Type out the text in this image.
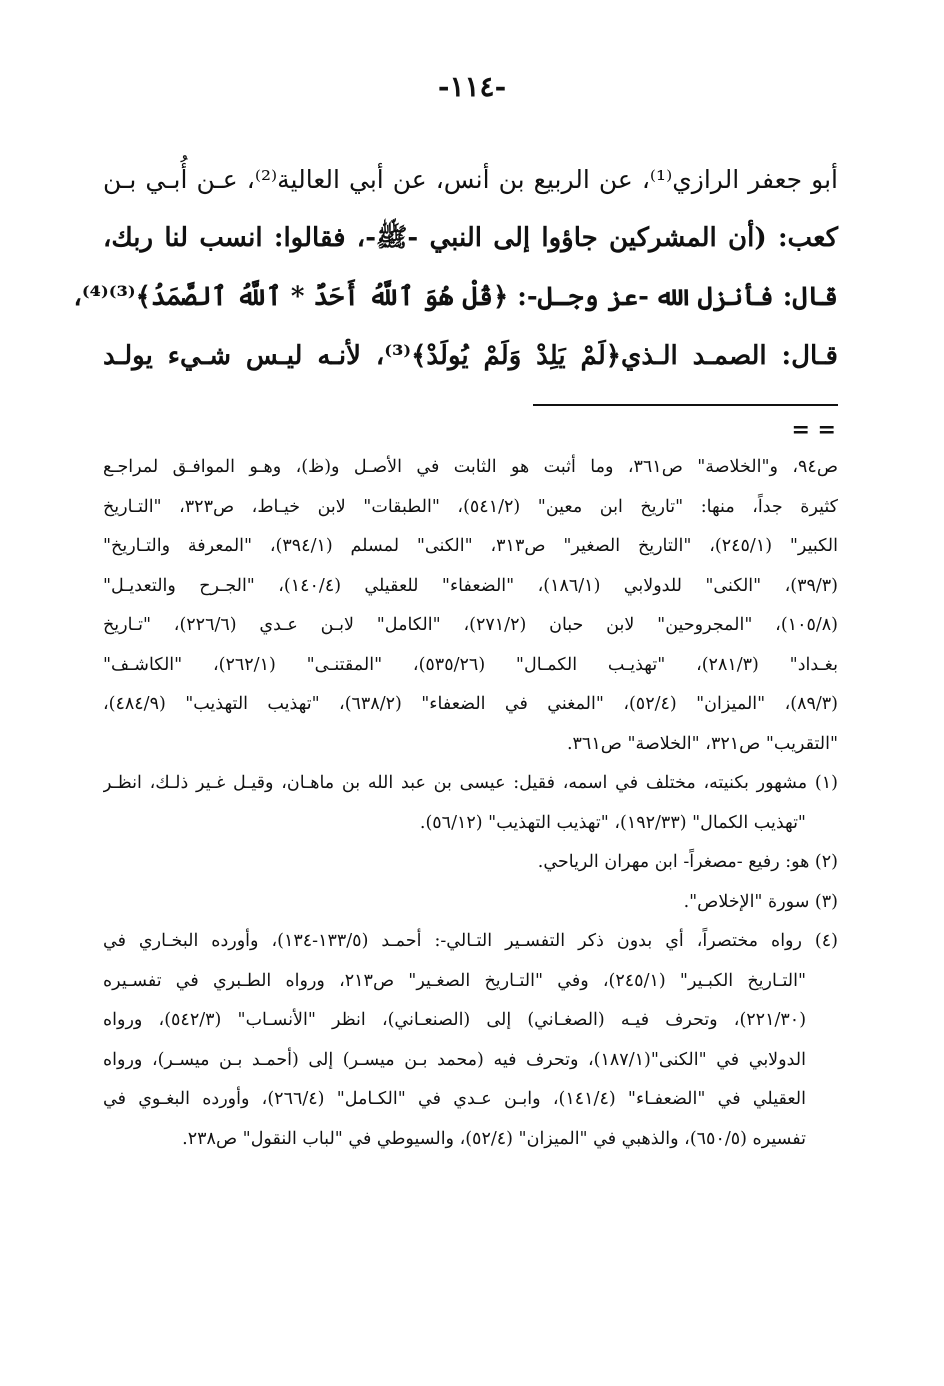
-١١٤-
أبو جعفر الرازي⁽¹⁾، عن الربيع بن أنس، عن أبي العالية⁽²⁾، عـن أُبـي بـن
كعب: (أن المشركين جاؤوا إلى النبي -ﷺ-، فقالوا: انسب لنا ربك،
قال: فأنزل الله -عز وجـل-: ﴿قُلْ هُوَ ٱللَّهُ أَحَدٌ * ٱللَّهُ ٱلصَّمَدُ﴾⁽³⁾⁽⁴⁾،
قـال: الصمـد الـذي﴿لَمْ يَلِدْ وَلَمْ يُولَدْ﴾⁽³⁾، لأنـه ليـس شـيء يولـد
= =
ص٩٤، و"الخلاصة" ص٣٦١، وما أثبت هو الثابت في الأصـل و(ظ)، وهـو الموافـق لمراجـع
كثيرة جداً، منها: "تاريخ ابن معين" (٥٤١/٢)، "الطبقات" لابن خيـاط، ص٣٢٣، "التـاريخ
الكبير" (٢٤٥/١)، "التاريخ الصغير" ص٣١٣، "الكنى" لمسلم (٣٩٤/١)، "المعرفة والتـاريخ"
(٣٩/٣)، "الكنى" للدولابي (١٨٦/١)، "الضعفاء" للعقيلي (١٤٠/٤)، "الجـرح والتعديـل"
(١٠٥/٨)، "المجروحين" لابن حبان (٢٧١/٢)، "الكامل" لابـن عـدي (٢٢٦/٦)، "تـاريخ
بغـداد" (٢٨١/٣)، "تهذيـب الكمـال" (٥٣٥/٢٦)، "المقتنـى" (٢٦٢/١)، "الكاشـف"
(٨٩/٣)، "الميزان" (٥٢/٤)، "المغني في الضعفاء" (٦٣٨/٢)، "تهذيب التهذيب" (٤٨٤/٩)،
"التقريب" ص٣٢١، "الخلاصة" ص٣٦١.
(١) مشهور بكنيته، مختلف في اسمه، فقيل: عيسى بن عبد الله بن ماهـان، وقيـل غـير ذلـك، انظـر
"تهذيب الكمال" (١٩٢/٣٣)، "تهذيب التهذيب" (٥٦/١٢).
(٢) هو: رفيع -مصغراً- ابن مهران الرياحي.
(٣) سورة "الإخلاص".
(٤) رواه مختصراً، أي بدون ذكر التفسـير التـالي-: أحمـد (١٣٣/٥-١٣٤)، وأورده البخـاري في
"التـاريخ الكبـير" (٢٤٥/١)، وفي "التـاريخ الصغـير" ص٢١٣، ورواه الطـبري في تفسـيره
(٢٢١/٣٠)، وتحرف فيـه (الصغـاني) إلى (الصنعـاني)، انظر "الأنسـاب" (٥٤٢/٣)، ورواه
الدولابي في "الكنى"(١٨٧/١)، وتحرف فيه (محمد بـن ميسـر) إلى (أحمـد بـن ميسـر)، ورواه
العقيلي في "الضعفـاء" (١٤١/٤)، وابـن عـدي في "الكـامل" (٢٦٦/٤)، وأورده البغـوي في
تفسيره (٦٥٠/٥)، والذهبي في "الميزان" (٥٢/٤)، والسيوطي في "لباب النقول" ص٢٣٨.
